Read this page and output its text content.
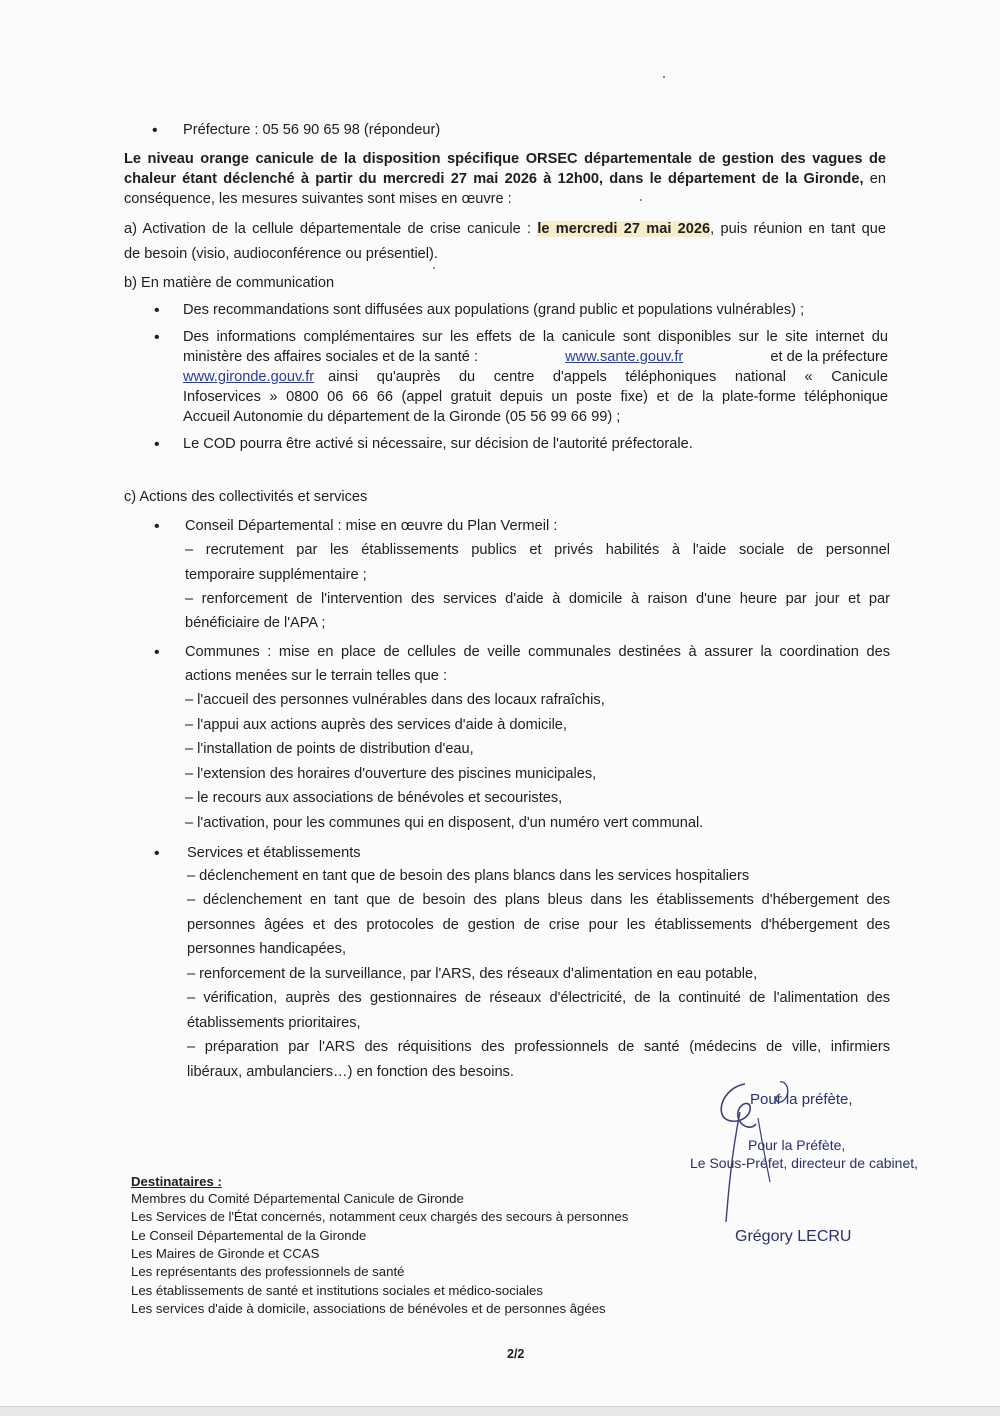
• Préfecture : 05 56 90 65 98 (répondeur)
Le niveau orange canicule de la disposition spécifique ORSEC départementale de gestion des vagues de
chaleur étant déclenché à partir du mercredi 27 mai 2026 à 12h00, dans le département de la Gironde, en
conséquence, les mesures suivantes sont mises en œuvre :
a) Activation de la cellule départementale de crise canicule : le mercredi 27 mai 2026, puis réunion en tant que
de besoin (visio, audioconférence ou présentiel).
b) En matière de communication
• Des recommandations sont diffusées aux populations (grand public et populations vulnérables) ;
• Des informations complémentaires sur les effets de la canicule sont disponibles sur le site internet du
ministère des affaires sociales et de la santé :	www.sante.gouv.fr	et de la préfecture
www.gironde.gouv.fr ainsi qu'auprès du centre d'appels téléphoniques national « Canicule
Infoservices » 0800 06 66 66 (appel gratuit depuis un poste fixe) et de la plate-forme téléphonique
Accueil Autonomie du département de la Gironde (05 56 99 66 99) ;
• Le COD pourra être activé si nécessaire, sur décision de l'autorité préfectorale.
c) Actions des collectivités et services
• Conseil Départemental : mise en œuvre du Plan Vermeil :
– recrutement par les établissements publics et privés habilités à l'aide sociale de personnel
temporaire supplémentaire ;
– renforcement de l'intervention des services d'aide à domicile à raison d'une heure par jour et par
bénéficiaire de l'APA ;
• Communes : mise en place de cellules de veille communales destinées à assurer la coordination des
actions menées sur le terrain telles que :
– l'accueil des personnes vulnérables dans des locaux rafraîchis,
– l'appui aux actions auprès des services d'aide à domicile,
– l'installation de points de distribution d'eau,
– l'extension des horaires d'ouverture des piscines municipales,
– le recours aux associations de bénévoles et secouristes,
– l'activation, pour les communes qui en disposent, d'un numéro vert communal.
• Services et établissements
– déclenchement en tant que de besoin des plans blancs dans les services hospitaliers
– déclenchement en tant que de besoin des plans bleus dans les établissements d'hébergement des
personnes âgées et des protocoles de gestion de crise pour les établissements d'hébergement des
personnes handicapées,
– renforcement de la surveillance, par l'ARS, des réseaux d'alimentation en eau potable,
– vérification, auprès des gestionnaires de réseaux d'électricité, de la continuité de l'alimentation des
établissements prioritaires,
– préparation par l'ARS des réquisitions des professionnels de santé (médecins de ville, infirmiers
libéraux, ambulanciers…) en fonction des besoins.
Pour la préfète,
Pour la Préfète,
Le Sous-Préfet, directeur de cabinet,
Grégory LECRU
Destinataires :
Membres du Comité Départemental Canicule de Gironde
Les Services de l'État concernés, notamment ceux chargés des secours à personnes
Le Conseil Départemental de la Gironde
Les Maires de Gironde et CCAS
Les représentants des professionnels de santé
Les établissements de santé et institutions sociales et médico-sociales
Les services d'aide à domicile, associations de bénévoles et de personnes âgées
2/2
